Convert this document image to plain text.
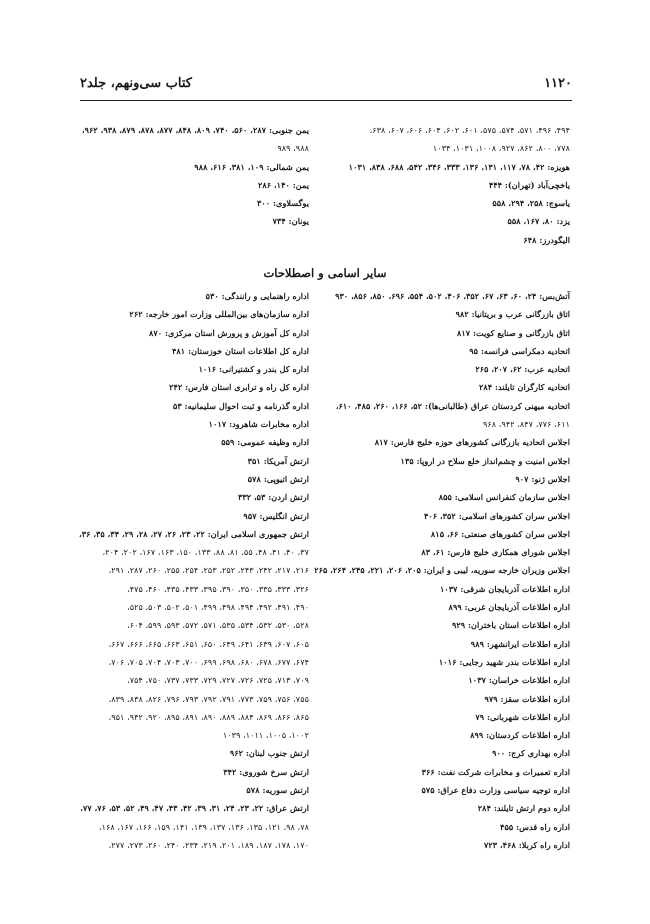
۱۱۲۰
کتاب سی‌ونهم، جلد۲
۴۹۴، ۴۹۶، ۵۷۱، ۵۷۴، ۵۷۵، ۶۰۱، ۶۰۲، ۶۰۴، ۶۰۶، ۶۰۷، ۶۳۸،
۷۷۸، ۸۰۰، ۸۶۲، ۹۲۷، ۱۰۰۸، ۱۰۳۱، ۱۰۳۴
هویزه: ۴۲، ۷۸، ۱۱۷، ۱۳۱، ۱۳۶، ۳۳۳، ۳۴۶، ۵۴۲، ۶۸۸، ۸۳۸، ۱۰۳۱
یاخچی‌آباد (تهران): ۴۴۴
یاسوج: ۲۵۸، ۲۹۴، ۵۵۸
یزد: ۸۰، ۱۶۷، ۵۵۸
الیگودرز: ۶۴۸
یمن جنوبی: ۲۸۷، ۵۶۰، ۷۴۰، ۸۰۹، ۸۴۸، ۸۷۷، ۸۷۸، ۸۷۹، ۹۳۸، ۹۶۲،
۹۸۸، ۹۸۹
یمن شمالی: ۱۰۹، ۳۸۱، ۶۱۶، ۹۸۸
یمن: ۱۴۰، ۲۸۶
یوگسلاوی: ۳۰۰
یونان: ۷۳۴
سایر اسامی و اصطلاحات
آتش‌بس: ۲۴، ۶۰، ۶۳، ۶۷، ۳۵۲، ۴۰۶، ۵۰۲، ۵۵۴، ۶۹۶، ۸۵۰، ۸۵۶، ۹۳۰
اتاق بازرگانی عرب و بریتانیا: ۹۸۲
اتاق بازرگانی و صنایع کویت: ۸۱۷
اتحادیه دمکراسی فرانسه: ۹۵
اتحادیه عرب: ۶۲، ۲۰۷، ۲۶۵
اتحادیه کارگران تایلند: ۲۸۴
اتحادیه میهنی کردستان عراق (طالبانی‌ها): ۵۲، ۱۶۶، ۲۶۰، ۴۸۵، ۶۱۰،
۶۱۱، ۷۷۶، ۸۴۷، ۹۴۲، ۹۶۸
اجلاس اتحادیه بازرگانی کشورهای حوزه خلیج فارس: ۸۱۷
اجلاس امنیت و چشم‌انداز خلع سلاح در اروپا: ۱۳۵
اجلاس ژنو: ۹۰۷
اجلاس سازمان کنفرانس اسلامی: ۸۵۵
اجلاس سران کشورهای اسلامی: ۳۵۲، ۴۰۶
اجلاس سران کشورهای صنعتی: ۶۶، ۸۱۵
اجلاس شورای همکاری خلیج فارس: ۶۱، ۸۳
اجلاس وزیران خارجه سوریه، لیبی و ایران: ۲۰۵، ۲۰۶، ۲۲۱، ۲۴۵، ۲۶۴، ۲۶۵
اداره اطلاعات آذربایجان شرقی: ۱۰۳۷
اداره اطلاعات آذربایجان غربی: ۸۹۹
اداره اطلاعات استان باختران: ۹۲۹
اداره اطلاعات ایرانشهر: ۹۸۹
اداره اطلاعات بندر شهید رجایی: ۱۰۱۶
اداره اطلاعات خراسان: ۱۰۳۷
اداره اطلاعات سقز: ۹۷۹
اداره اطلاعات شهربانی: ۷۹
اداره اطلاعات کردستان: ۸۹۹
اداره بهداری کرج: ۹۰۰
اداره تعمیرات و مخابرات شرکت نفت: ۳۶۶
اداره توجیه سیاسی وزارت دفاع عراق: ۵۷۵
اداره دوم ارتش تایلند: ۲۸۴
اداره راه قدس: ۴۵۵
اداره راه کربلا: ۴۶۸، ۷۲۳
اداره راهنمایی و رانندگی: ۵۳۰
اداره سازمان‌های بین‌المللی وزارت امور خارجه: ۲۶۲
اداره کل آموزش و پرورش استان مرکزی: ۸۷۰
اداره کل اطلاعات استان خوزستان: ۴۸۱
اداره کل بندر و کشتیرانی: ۱۰۱۶
اداره کل راه و ترابری استان فارس: ۲۴۲
اداره گذرنامه و ثبت احوال سلیمانیه: ۵۳
اداره مخابرات شاهرود: ۱۰۱۷
اداره وظیفه عمومی: ۵۵۹
ارتش آمریکا: ۳۵۱
ارتش اتیوپی: ۵۷۸
ارتش اردن: ۵۳، ۳۳۲
ارتش انگلیس: ۹۵۷
ارتش جمهوری اسلامی ایران: ۲۲، ۲۳، ۲۶، ۲۷، ۲۸، ۲۹، ۳۴، ۳۵، ۳۶،
۳۷، ۴۰، ۴۱، ۴۸، ۵۵، ۸۱، ۸۸، ۱۳۳، ۱۵۰، ۱۶۳، ۱۶۷، ۲۰۲، ۲۰۴،
۲۱۶، ۲۱۷، ۲۴۲، ۲۴۳، ۲۵۲، ۲۵۳، ۲۵۴، ۲۵۵، ۲۶۰، ۲۸۷، ۲۹۱،
۳۲۶، ۳۳۳، ۳۳۵، ۳۵۰، ۳۹۰، ۳۹۵، ۴۳۳، ۴۳۵، ۴۶۰، ۴۷۵،
۴۹۰، ۴۹۱، ۴۹۲، ۴۹۴، ۴۹۸، ۴۹۹، ۵۰۱، ۵۰۲، ۵۰۳، ۵۲۵،
۵۲۸، ۵۳۰، ۵۳۲، ۵۳۴، ۵۳۵، ۵۷۱، ۵۷۲، ۵۹۳، ۵۹۹، ۶۰۴،
۶۰۵، ۶۰۷، ۶۳۹، ۶۴۱، ۶۴۹، ۶۵۰، ۶۵۱، ۶۶۳، ۶۶۵، ۶۶۶، ۶۶۷،
۶۷۴، ۶۷۷، ۶۷۸، ۶۸۰، ۶۹۸، ۶۹۹، ۷۰۰، ۷۰۳، ۷۰۴، ۷۰۵، ۷۰۶،
۷۰۹، ۷۱۳، ۷۲۵، ۷۲۶، ۷۲۷، ۷۲۹، ۷۳۳، ۷۳۷، ۷۵۰، ۷۵۴،
۷۵۵، ۷۵۶، ۷۵۹، ۷۷۳، ۷۹۱، ۷۹۲، ۷۹۳، ۷۹۶، ۸۲۶، ۸۳۸، ۸۳۹،
۸۶۵، ۸۶۶، ۸۶۹، ۸۸۴، ۸۸۹، ۸۹۰، ۸۹۱، ۸۹۵، ۹۲۰، ۹۴۲، ۹۵۱،
۱۰۰۲، ۱۰۰۵، ۱۰۱۱، ۱۰۳۹
ارتش جنوب لبنان: ۹۶۲
ارتش سرخ شوروی: ۳۴۲
ارتش سوریه: ۵۷۸
ارتش عراق: ۲۲، ۲۳، ۲۴، ۳۱، ۳۹، ۴۲، ۴۳، ۴۷، ۴۹، ۵۲، ۵۳، ۷۶، ۷۷،
۷۸، ۹۸، ۱۲۱، ۱۳۵، ۱۳۶، ۱۳۷، ۱۳۹، ۱۴۱، ۱۵۹، ۱۶۶، ۱۶۷، ۱۶۸،
۱۷۰، ۱۷۸، ۱۸۷، ۱۸۹، ۲۰۱، ۲۱۹، ۲۳۴، ۲۴۰، ۲۶۰، ۲۷۳، ۲۷۷،
